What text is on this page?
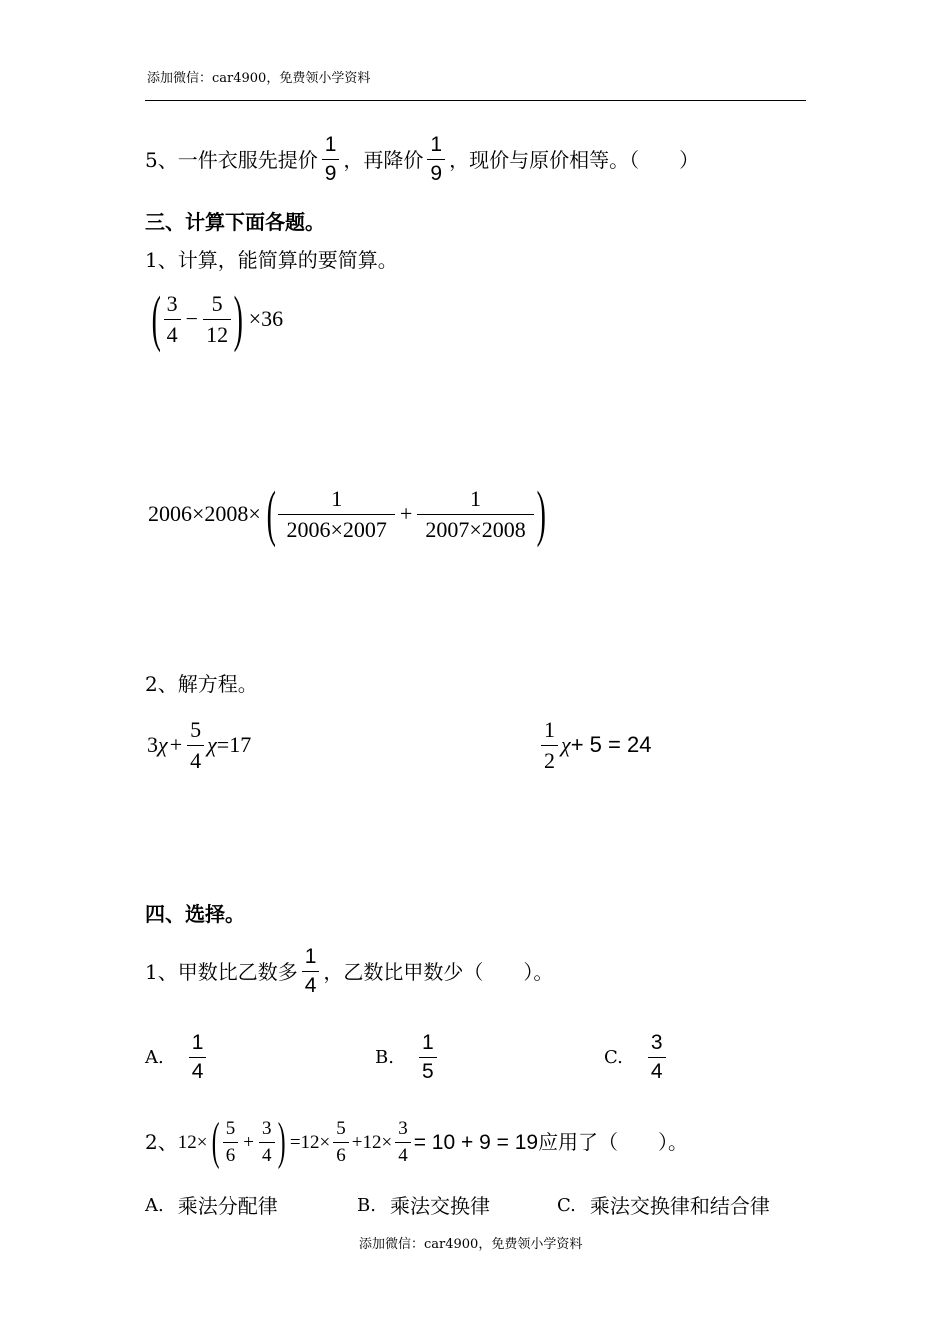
添加微信：car4900，免费领小学资料
5、一件衣服先提价 $\frac{1}{9}$ ，再降价 $\frac{1}{9}$ ，现价与原价相等。（　　）
三、计算下面各题。
1、计算，能简算的要简算。
( $\frac{3}{4} - \frac{5}{12}$ ) ×36
2006×2008× ( $\frac{1}{2006\times 2007} + \frac{1}{2007\times 2008}$ )
2、解方程。
3 $\chi + \frac{5}{4}$ χ =17	$\frac{1}{2}$ χ + 5 = 24
四、选择。
1、甲数比乙数多 $\frac{1}{4}$ ，乙数比甲数少（　　）。
A. $\frac{1}{4}$	B. $\frac{1}{5}$	C. $\frac{3}{4}$
2、 12× ( $\frac{5}{6} + \frac{3}{4}$ ) $=12\times \frac{5}{6} +12\times \frac{3}{4} = 10 + 9 = 19$ 应用了（　　）。
A. 乘法分配律	B. 乘法交换律	C. 乘法交换律和结合律
添加微信：car4900，免费领小学资料
